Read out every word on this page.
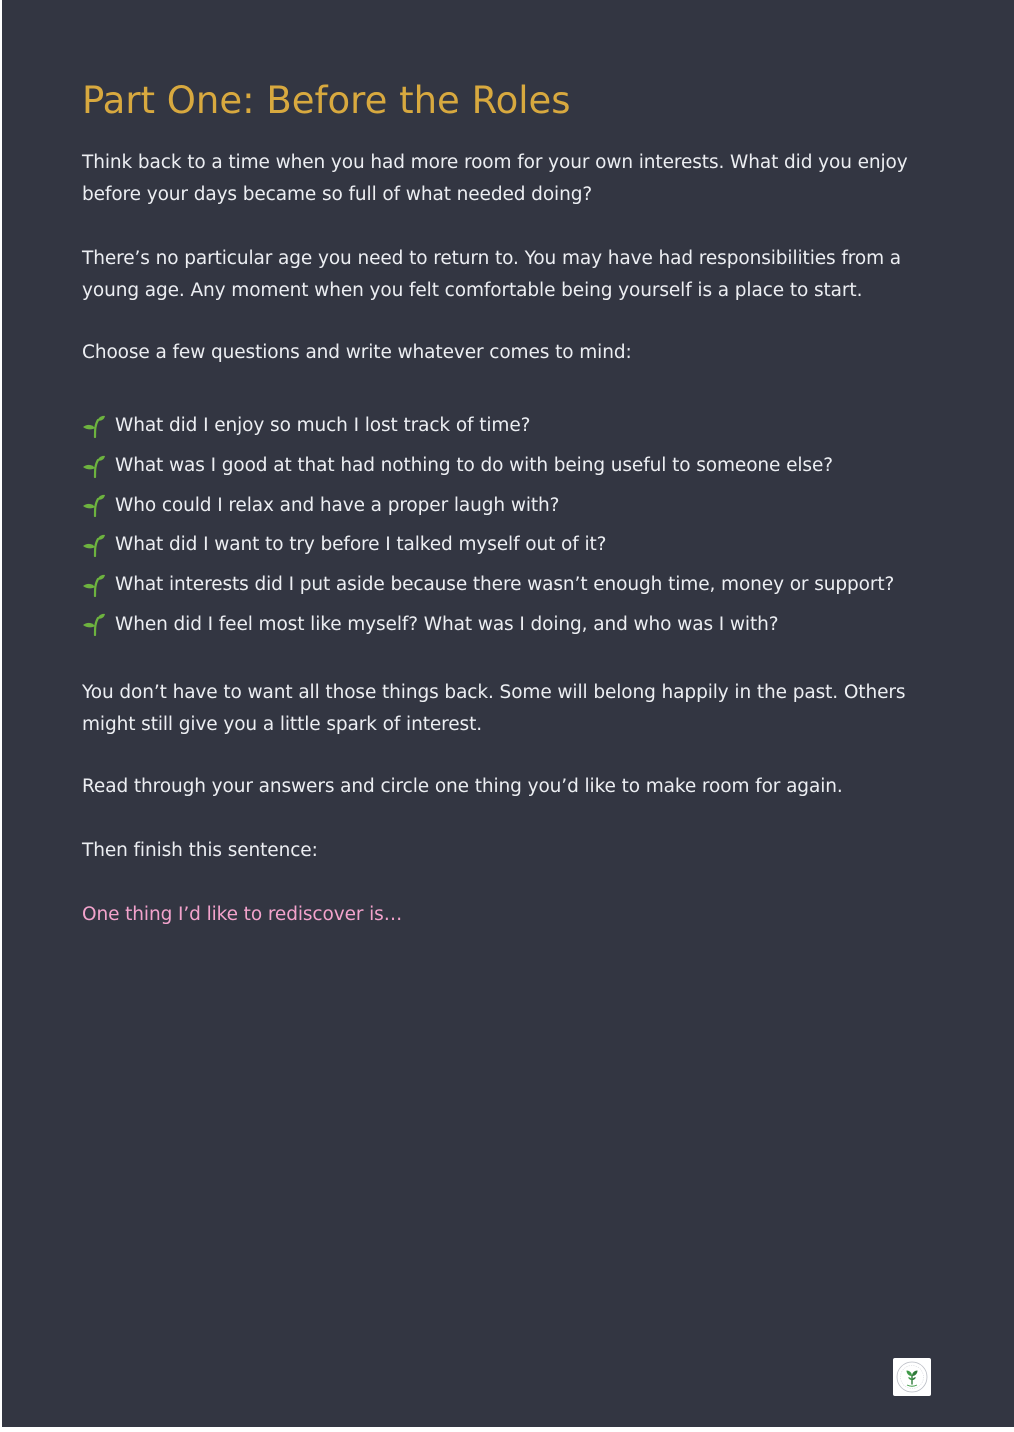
Part One: Before the Roles

Think back to a time when you had more room for your own interests. What did you enjoy before your days became so full of what needed doing?

There’s no particular age you need to return to. You may have had responsibilities from a young age. Any moment when you felt comfortable being yourself is a place to start.

Choose a few questions and write whatever comes to mind:

What did I enjoy so much I lost track of time?
What was I good at that had nothing to do with being useful to someone else?
Who could I relax and have a proper laugh with?
What did I want to try before I talked myself out of it?
What interests did I put aside because there wasn’t enough time, money or support?
When did I feel most like myself? What was I doing, and who was I with?

You don’t have to want all those things back. Some will belong happily in the past. Others might still give you a little spark of interest.

Read through your answers and circle one thing you’d like to make room for again.

Then finish this sentence:

One thing I’d like to rediscover is…
